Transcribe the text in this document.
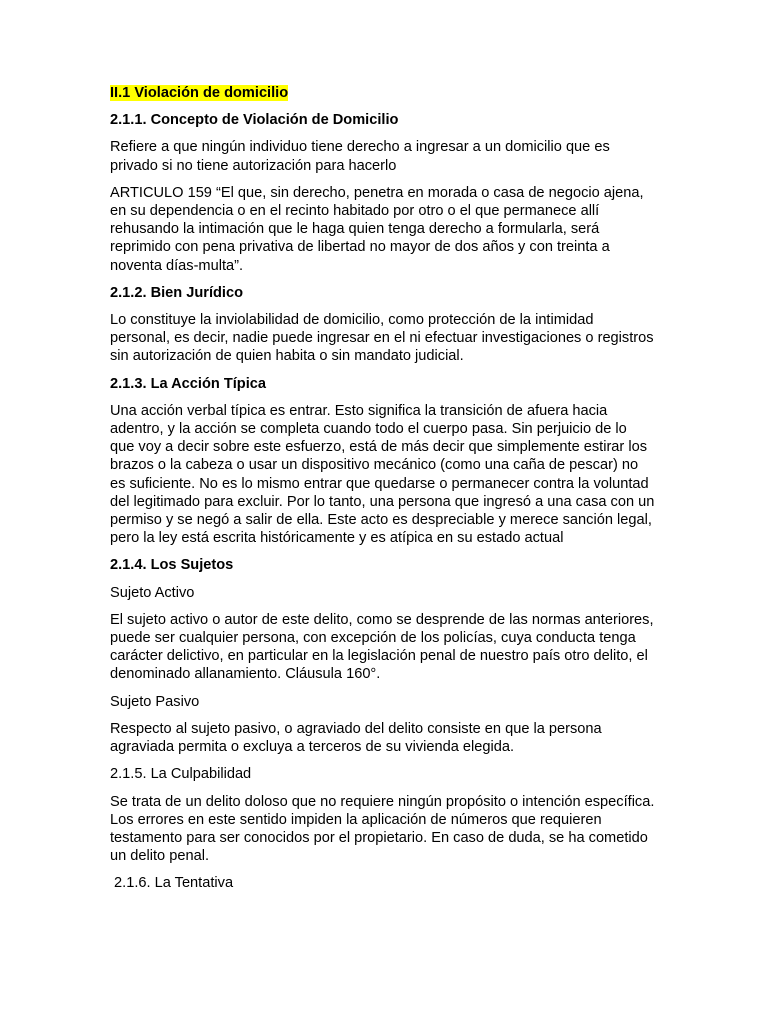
II.1 Violación de domicilio
2.1.1. Concepto de Violación de Domicilio

Refiere a que ningún individuo tiene derecho a ingresar a un domicilio que es privado si no tiene autorización para hacerlo

ARTICULO 159 “El que, sin derecho, penetra en morada o casa de negocio ajena, en su dependencia o en el recinto habitado por otro o el que permanece allí rehusando la intimación que le haga quien tenga derecho a formularla, será reprimido con pena privativa de libertad no mayor de dos años y con treinta a noventa días-multa”.

2.1.2. Bien Jurídico

Lo constituye la inviolabilidad de domicilio, como protección de la intimidad personal, es decir, nadie puede ingresar en el ni efectuar investigaciones o registros sin autorización de quien habita o sin mandato judicial.

2.1.3. La Acción Típica

Una acción verbal típica es entrar. Esto significa la transición de afuera hacia adentro, y la acción se completa cuando todo el cuerpo pasa. Sin perjuicio de lo que voy a decir sobre este esfuerzo, está de más decir que simplemente estirar los brazos o la cabeza o usar un dispositivo mecánico (como una caña de pescar) no es suficiente. No es lo mismo entrar que quedarse o permanecer contra la voluntad del legitimado para excluir. Por lo tanto, una persona que ingresó a una casa con un permiso y se negó a salir de ella. Este acto es despreciable y merece sanción legal, pero la ley está escrita históricamente y es atípica en su estado actual

2.1.4. Los Sujetos

Sujeto Activo

El sujeto activo o autor de este delito, como se desprende de las normas anteriores, puede ser cualquier persona, con excepción de los policías, cuya conducta tenga carácter delictivo, en particular en la legislación penal de nuestro país otro delito, el denominado allanamiento. Cláusula 160°.

Sujeto Pasivo

Respecto al sujeto pasivo, o agraviado del delito consiste en que la persona agraviada permita o excluya a terceros de su vivienda elegida.

2.1.5. La Culpabilidad

Se trata de un delito doloso que no requiere ningún propósito o intención específica. Los errores en este sentido impiden la aplicación de números que requieren testamento para ser conocidos por el propietario. En caso de duda, se ha cometido un delito penal.

2.1.6. La Tentativa
